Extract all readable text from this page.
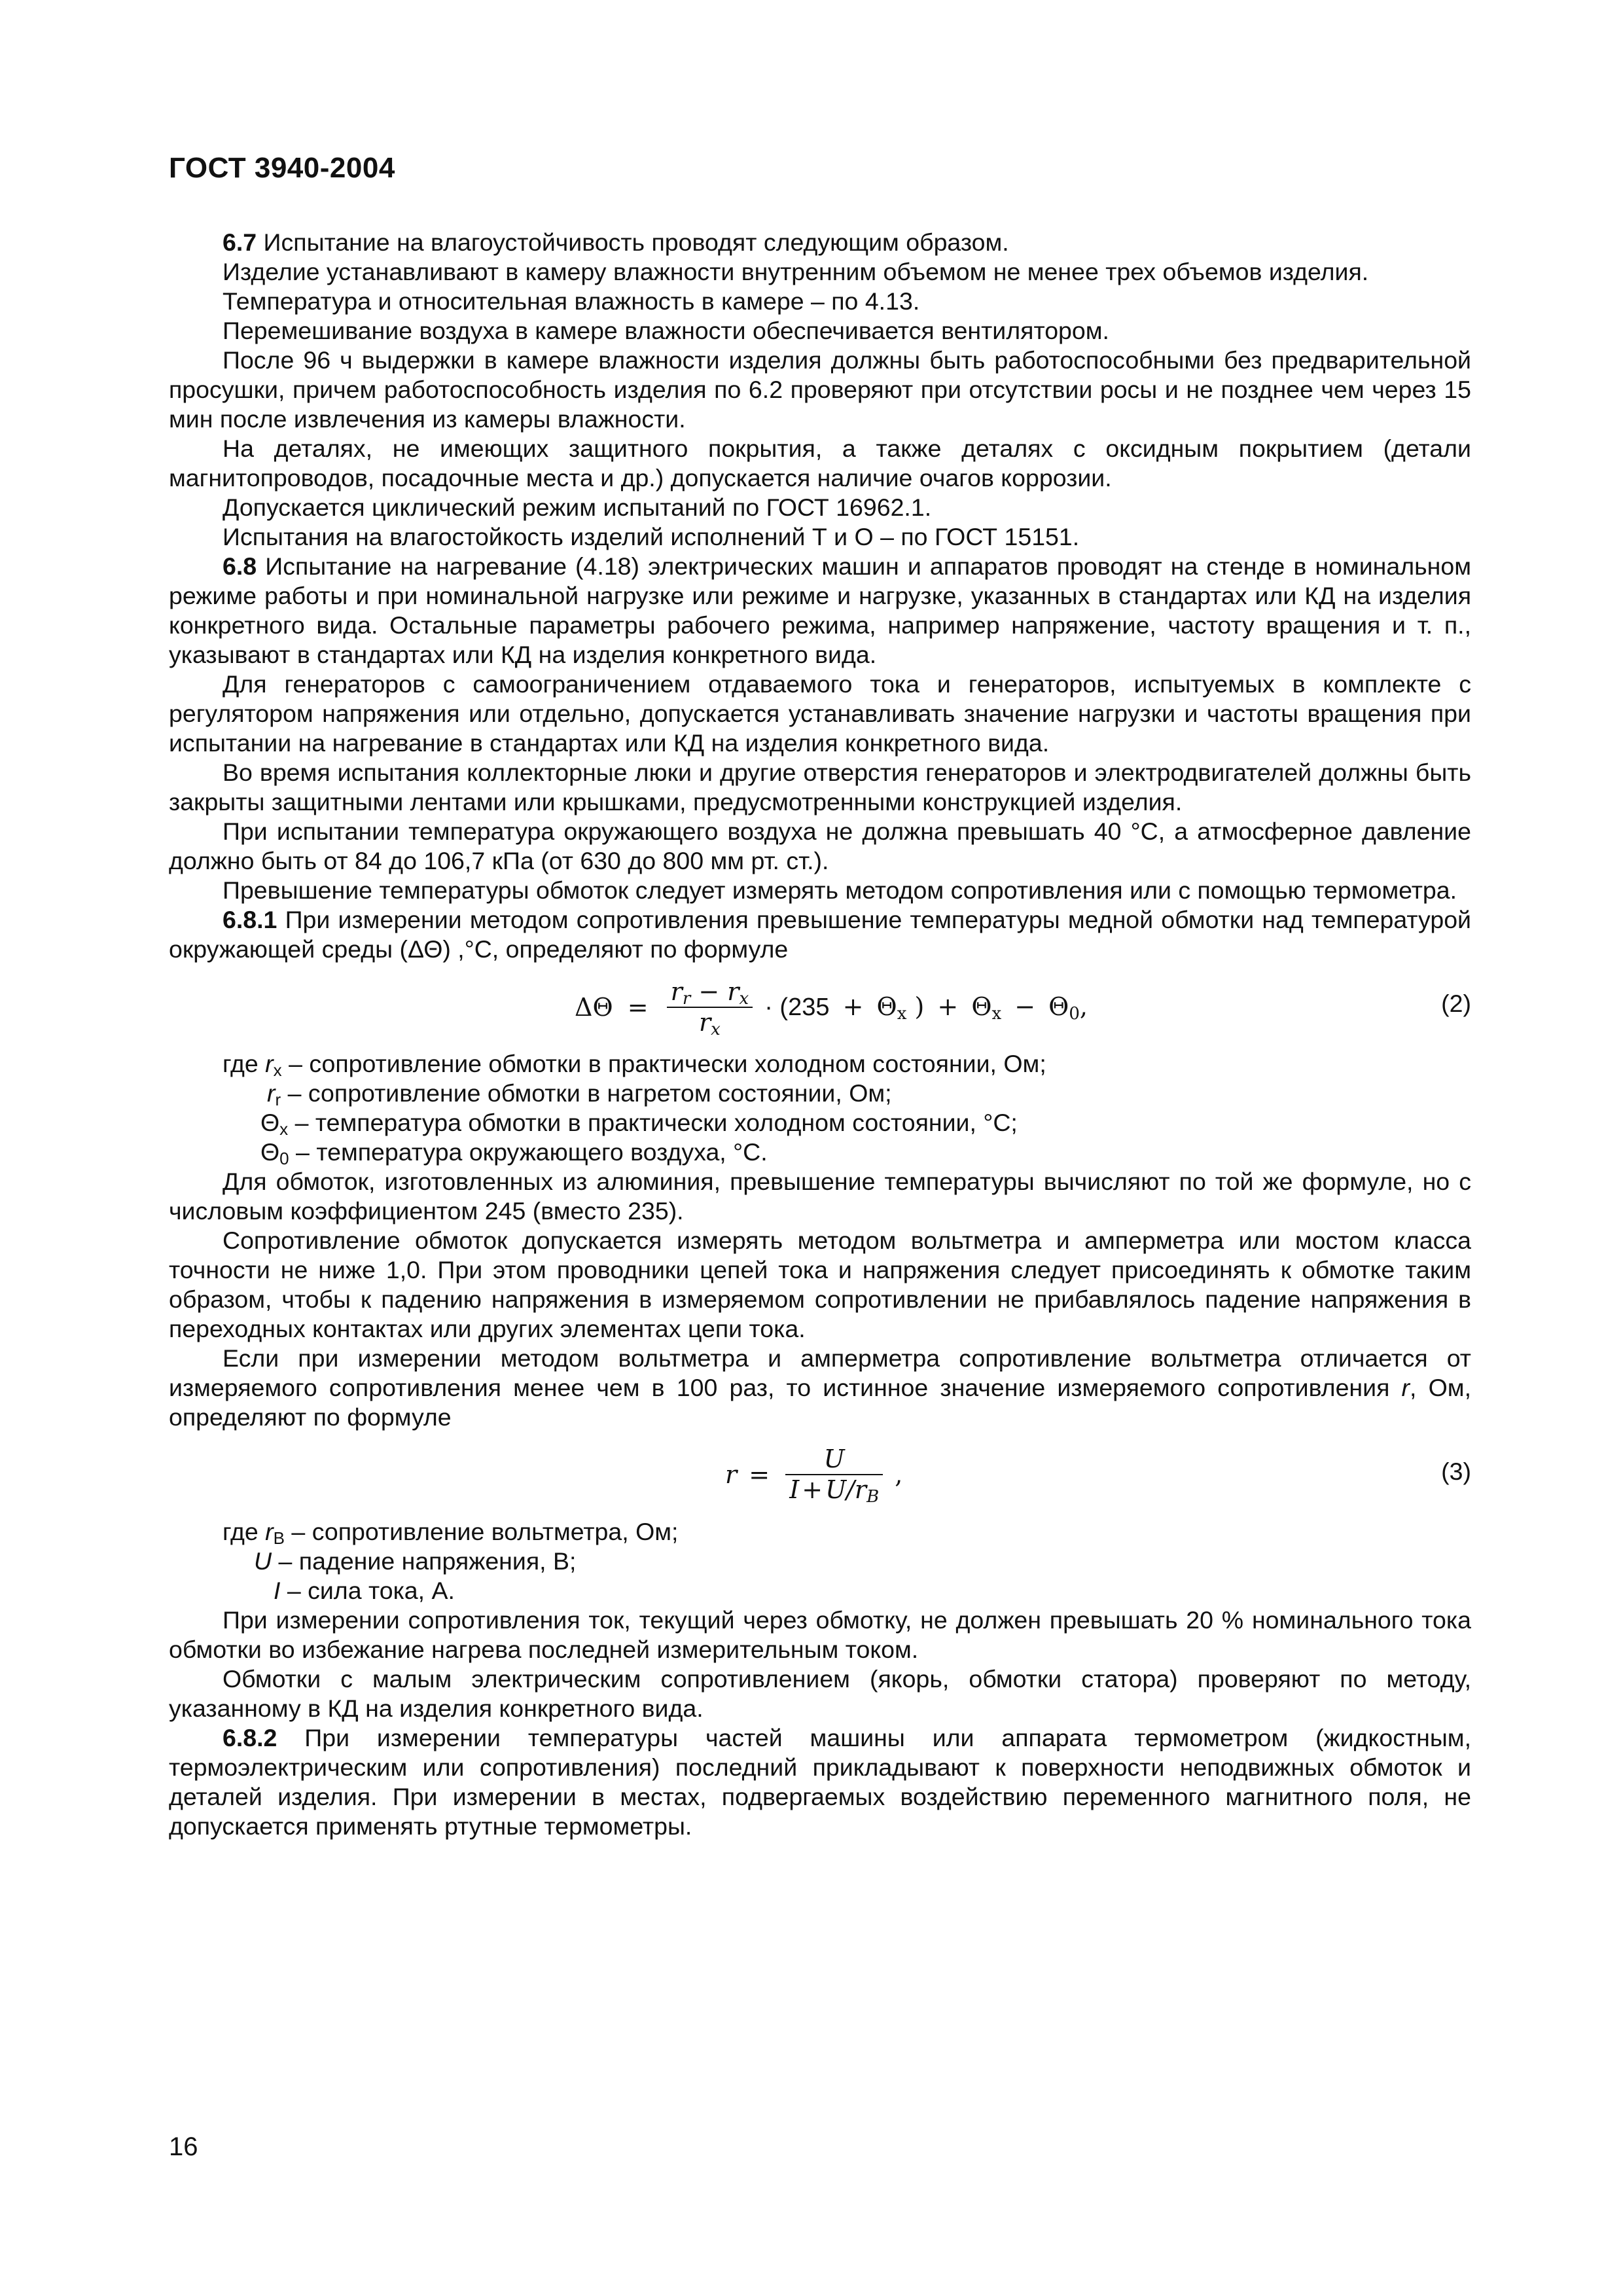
ГОСТ 3940-2004

6.7 Испытание на влагоустойчивость проводят следующим образом.

Изделие устанавливают в камеру влажности внутренним объемом не менее трех объемов изделия.

Температура и относительная влажность в камере – по 4.13.

Перемешивание воздуха в камере влажности обеспечивается вентилятором.

После 96 ч выдержки в камере влажности изделия должны быть работоспособными без предварительной просушки, причем работоспособность изделия по 6.2 проверяют при отсутствии росы и не позднее чем через 15 мин после извлечения из камеры влажности.

На деталях, не имеющих защитного покрытия, а также деталях с оксидным покрытием (детали магнитопроводов, посадочные места и др.) допускается наличие очагов коррозии.

Допускается циклический режим испытаний по ГОСТ 16962.1.

Испытания на влагостойкость изделий исполнений Т и О – по ГОСТ 15151.

6.8 Испытание на нагревание (4.18) электрических машин и аппаратов проводят на стенде в номинальном режиме работы и при номинальной нагрузке или режиме и нагрузке, указанных в стандартах или КД на изделия конкретного вида. Остальные параметры рабочего режима, например напряжение, частоту вращения и т. п., указывают в стандартах или КД на изделия конкретного вида.

Для генераторов с самоограничением отдаваемого тока и генераторов, испытуемых в комплекте с регулятором напряжения или отдельно, допускается устанавливать значение нагрузки и частоты вращения при испытании на нагревание в стандартах или КД на изделия конкретного вида.

Во время испытания коллекторные люки и другие отверстия генераторов и электродвигателей должны быть закрыты защитными лентами или крышками, предусмотренными конструкцией изделия.

При испытании температура окружающего воздуха не должна превышать 40 °С, а атмосферное давление должно быть от 84 до 106,7 кПа (от 630 до 800 мм рт. ст.).

Превышение температуры обмоток следует измерять методом сопротивления или с помощью термометра.

6.8.1 При измерении методом сопротивления превышение температуры медной обмотки над температурой окружающей среды (ΔΘ) ,°С, определяют по формуле

$\Delta\Theta = \frac{r_r - r_x}{r_x} \cdot (235 + \Theta_x$ ) + $\Theta_x - \Theta_0$,	(2)

где $r_x$ – сопротивление обмотки в практически холодном состоянии, Ом;

$r_r$ – сопротивление обмотки в нагретом состоянии, Ом;

$\Theta_x$ – температура обмотки в практически холодном состоянии, °С;

$\Theta_0$ – температура окружающего воздуха, °С.

Для обмоток, изготовленных из алюминия, превышение температуры вычисляют по той же формуле, но с числовым коэффициентом 245 (вместо 235).

Сопротивление обмоток допускается измерять методом вольтметра и амперметра или мостом класса точности не ниже 1,0. При этом проводники цепей тока и напряжения следует присоединять к обмотке таким образом, чтобы к падению напряжения в измеряемом сопротивлении не прибавлялось падение напряжения в переходных контактах или других элементах цепи тока.

Если при измерении методом вольтметра и амперметра сопротивление вольтметра отличается от измеряемого сопротивления менее чем в 100 раз, то истинное значение измеряемого сопротивления r, Ом, определяют по формуле

$r = \frac{U}{I + U/r_B}$ ,	(3)

где $r_B$ – сопротивление вольтметра, Ом;

U – падение напряжения, В;

I – сила тока, А.

При измерении сопротивления ток, текущий через обмотку, не должен превышать 20 % номинального тока обмотки во избежание нагрева последней измерительным током.

Обмотки с малым электрическим сопротивлением (якорь, обмотки статора) проверяют по методу, указанному в КД на изделия конкретного вида.

6.8.2 При измерении температуры частей машины или аппарата термометром (жидкостным, термоэлектрическим или сопротивления) последний прикладывают к поверхности неподвижных обмоток и деталей изделия. При измерении в местах, подвергаемых воздействию переменного магнитного поля, не допускается применять ртутные термометры.

16
